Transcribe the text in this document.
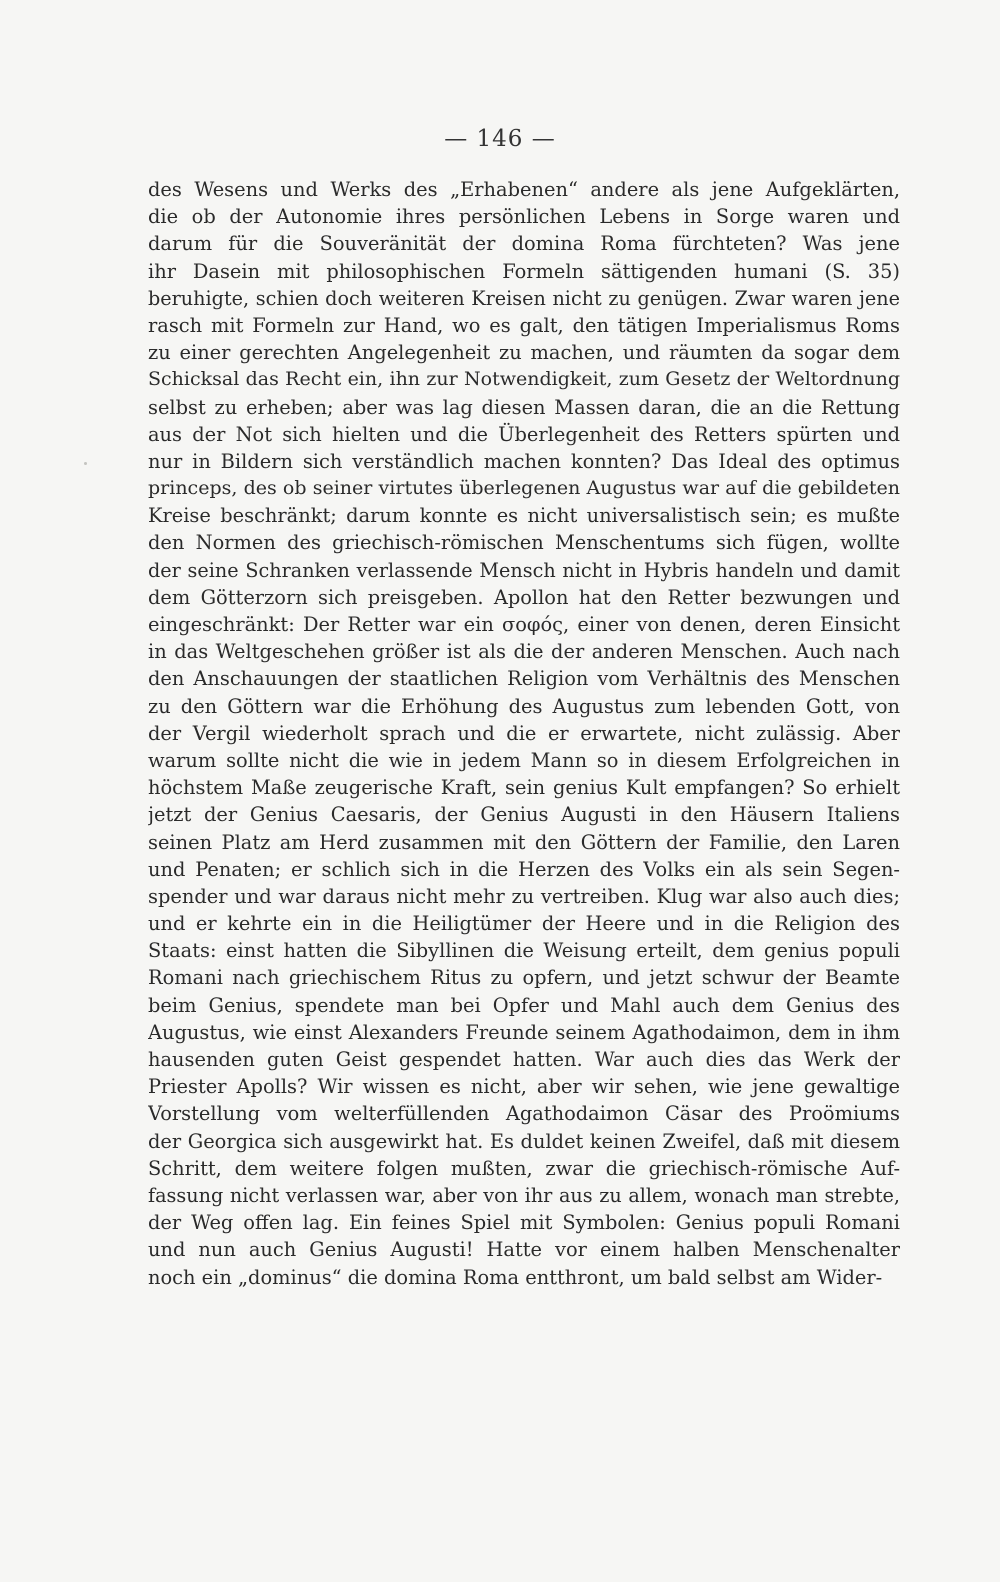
— 146 —
des Wesens und Werks des „Erhabenen“ andere als jene Aufgeklärten,
die ob der Autonomie ihres persönlichen Lebens in Sorge waren und
darum für die Souveränität der domina Roma fürchteten? Was jene
ihr Dasein mit philosophischen Formeln sättigenden humani (S. 35)
beruhigte, schien doch weiteren Kreisen nicht zu genügen. Zwar waren jene
rasch mit Formeln zur Hand, wo es galt, den tätigen Imperialismus Roms
zu einer gerechten Angelegenheit zu machen, und räumten da sogar dem
Schicksal das Recht ein, ihn zur Notwendigkeit, zum Gesetz der Weltordnung
selbst zu erheben; aber was lag diesen Massen daran, die an die Rettung
aus der Not sich hielten und die Überlegenheit des Retters spürten und
nur in Bildern sich verständlich machen konnten? Das Ideal des optimus
princeps, des ob seiner virtutes überlegenen Augustus war auf die gebildeten
Kreise beschränkt; darum konnte es nicht universalistisch sein; es mußte
den Normen des griechisch-römischen Menschentums sich fügen, wollte
der seine Schranken verlassende Mensch nicht in Hybris handeln und damit
dem Götterzorn sich preisgeben. Apollon hat den Retter bezwungen und
eingeschränkt: Der Retter war ein σοφός, einer von denen, deren Einsicht
in das Weltgeschehen größer ist als die der anderen Menschen. Auch nach
den Anschauungen der staatlichen Religion vom Verhältnis des Menschen
zu den Göttern war die Erhöhung des Augustus zum lebenden Gott, von
der Vergil wiederholt sprach und die er erwartete, nicht zulässig. Aber
warum sollte nicht die wie in jedem Mann so in diesem Erfolgreichen in
höchstem Maße zeugerische Kraft, sein genius Kult empfangen? So erhielt
jetzt der Genius Caesaris, der Genius Augusti in den Häusern Italiens
seinen Platz am Herd zusammen mit den Göttern der Familie, den Laren
und Penaten; er schlich sich in die Herzen des Volks ein als sein Segen-
spender und war daraus nicht mehr zu vertreiben. Klug war also auch dies;
und er kehrte ein in die Heiligtümer der Heere und in die Religion des
Staats: einst hatten die Sibyllinen die Weisung erteilt, dem genius populi
Romani nach griechischem Ritus zu opfern, und jetzt schwur der Beamte
beim Genius, spendete man bei Opfer und Mahl auch dem Genius des
Augustus, wie einst Alexanders Freunde seinem Agathodaimon, dem in ihm
hausenden guten Geist gespendet hatten. War auch dies das Werk der
Priester Apolls? Wir wissen es nicht, aber wir sehen, wie jene gewaltige
Vorstellung vom welterfüllenden Agathodaimon Cäsar des Proömiums
der Georgica sich ausgewirkt hat. Es duldet keinen Zweifel, daß mit diesem
Schritt, dem weitere folgen mußten, zwar die griechisch-römische Auf-
fassung nicht verlassen war, aber von ihr aus zu allem, wonach man strebte,
der Weg offen lag. Ein feines Spiel mit Symbolen: Genius populi Romani
und nun auch Genius Augusti! Hatte vor einem halben Menschenalter
noch ein „dominus“ die domina Roma entthront, um bald selbst am Wider-
